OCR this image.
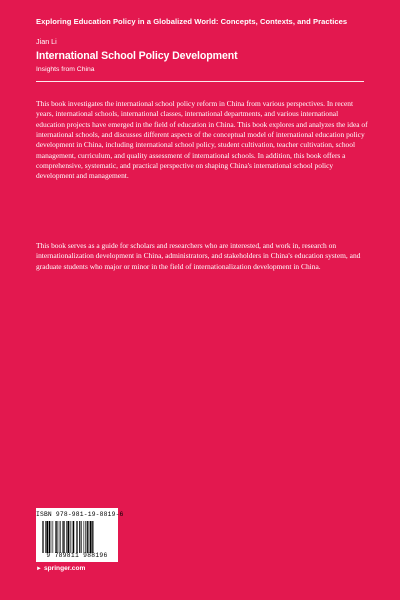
Exploring Education Policy in a Globalized World: Concepts, Contexts, and Practices
Jian Li
International School Policy Development
Insights from China

This book investigates the international school policy reform in China from various perspectives. In recent years, international schools, international classes, international departments, and various international education projects have emerged in the field of education in China. This book explores and analyzes the idea of international schools, and discusses different aspects of the conceptual model of international education policy development in China, including international school policy, student cultivation, teacher cultivation, school management, curriculum, and quality assessment of international schools. In addition, this book offers a comprehensive, systematic, and practical perspective on shaping China's international school policy development and management.

This book serves as a guide for scholars and researchers who are interested, and work in, research on internationalization development in China, administrators, and stakeholders in China's education system, and graduate students who major or minor in the field of internationalization development in China.

ISBN 978-981-19-8819-6
9 789811 988196
► springer.com
